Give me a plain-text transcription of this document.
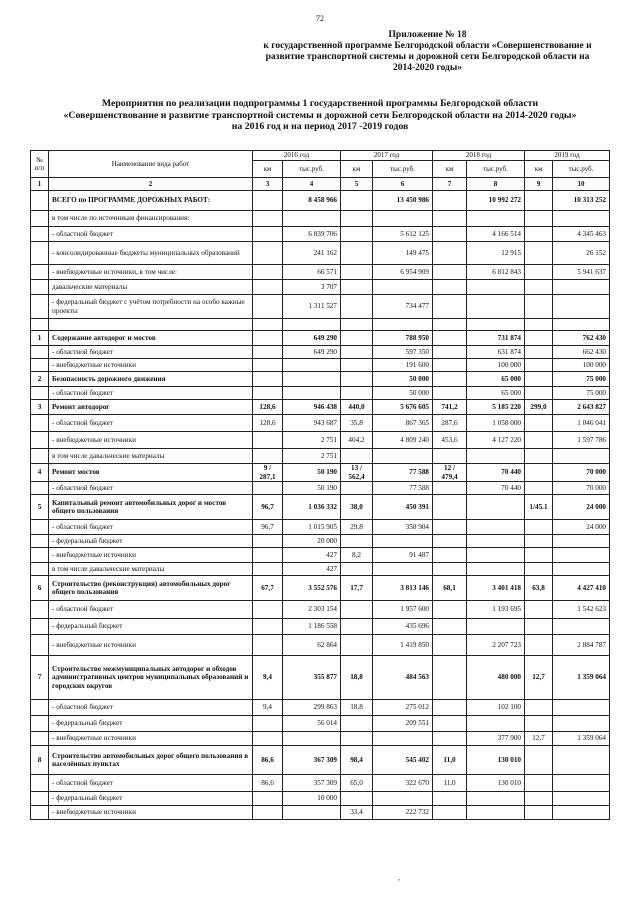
72
Приложение № 18
к государственной программе Белгородской области «Совершенствование и развитие транспортной системы и дорожной сети Белгородской области на 2014-2020 годы»
Мероприятия по реализации подпрограммы 1 государственной программы Белгородской области
«Совершенствование и развитие транспортной системы и дорожной сети Белгородской области на 2014-2020 годы»
на 2016 год и на период 2017 -2019 годов
№ п/п	Наименование вида работ	2016 год		2017 год		2018 год		2019 год	
		км	тыс.руб.	км	тыс.руб.	км	тыс.руб.	км	тыс.руб.
1	2	3	4	5	6	7	8	9	10
	ВСЕГО по ПРОГРАММЕ ДОРОЖНЫХ РАБОТ:		8 458 966		13 450 986		10 992 272		10 313 252
	в том числе по источникам финансирования:								
	- областной бюджет		6 839 706		5 612 125		4 166 514		4 345 463
	- консолидированные бюджеты муниципальных образований		241 162		149 475		12 915		26 152
	- внебюджетные источники, в том числе:		66 571		6 954 909		6 812 843		5 941 637
	давальческие материалы		3 707						
	- федеральный бюджет с учётом потребности на особо важные проекты		1 311 527		734 477				

1	Содержание автодорог и мостов		649 290		788 950		731 874		762 430
	- областной бюджет		649 290		597 350		631 874		662 430
	- внебюджетные источники				191 600		100 000		100 000
2	Безопасность дорожного движения				50 000		65 000		75 000
	- областной бюджет				50 000		65 000		75 000
3	Ремонт автодорог	128,6	946 438	440,0	5 676 605	741,2	5 185 220	299,0	2 643 827
	- областной бюджет	128,6	943 687	35,8	867 365	287,6	1 058 000		1 046 041
	- внебюджетные источники		2 751	404,2	4 809 240	453,6	4 127 220		1 597 786
	в том числе давальческие материалы		2 751						
4	Ремонт мостов	9 / 287,1	50 190	13 / 562,4	77 588	12 / 479,4	70 440		70 000
	- областной бюджет		50 190		77 588		70 440		70 000
5	Капитальный ремонт автомобильных дорог и мостов общего пользования	96,7	1 036 332	38,0	450 391			1/45.1	24 000
	- областной бюджет	96,7	1 015 905	29,8	358 904				24 000
	- федеральный бюджет		20 000						
	- внебюджетные источники		427	8,2	91 487				
	в том числе давальческие материалы		427						
6	Строительство (реконструкция) автомобильных дорог общего пользования	67,7	3 552 576	17,7	3 813 146	68,1	3 401 418	63,8	4 427 410
	- областной бюджет		2 303 154		1 957 600		1 193 695		1 542 623
	- федеральный бюджет		1 186 558		435 696				
	- внебюджетные источники		62 864		1 419 850		2 207 723		2 884 787
7	Строительство межмуниципальных автодорог и обходов административных центров муниципальных образований и городских округов	9,4	355 877	18,8	484 563		480 000	12,7	1 359 064
	- областной бюджет	9,4	299 863	18,8	275 012		102 100		
	- федеральный бюджет		56 014		209 551				
	- внебюджетные источники						377 900	12,7	1 359 064
8	Строительство автомобильных дорог общего пользования в населённых пунктах	86,6	367 309	98,4	545 402	11,0	130 010		
	- областной бюджет	86,6	357 309	65,0	322 670	11,0	130 010		
	- федеральный бюджет		10 000						
	- внебюджетные источники			33,4	222 732				
,
